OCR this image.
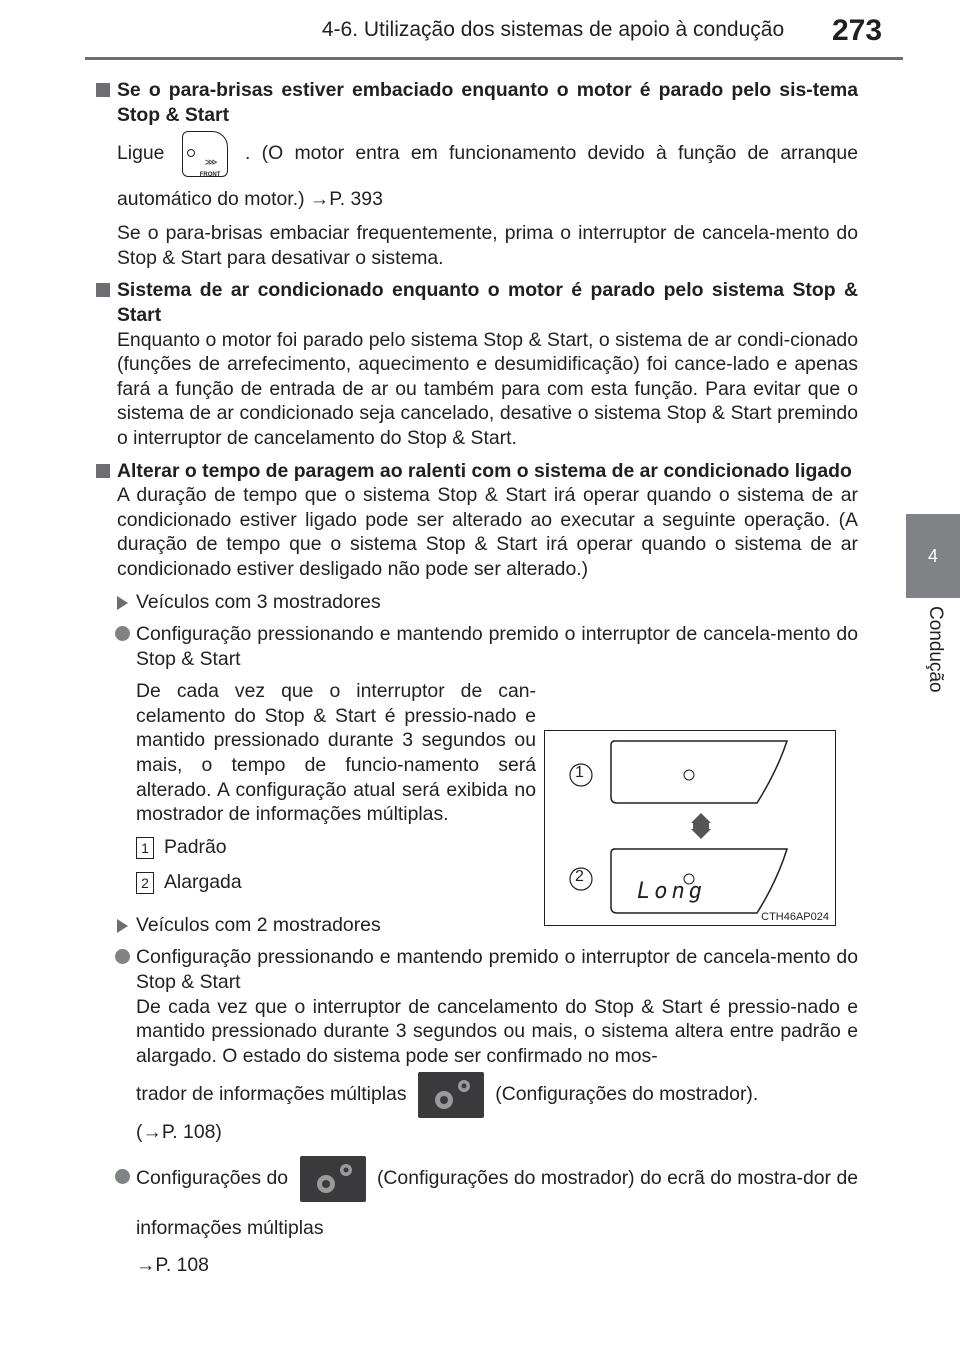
4-6. Utilização dos sistemas de apoio à condução	273
4
Condução
Se o para-brisas estiver embaciado enquanto o motor é parado pelo sis-tema Stop & Start

Ligue	⋙
FRONT
. (O motor entra em funcionamento devido à função de arranque automático do motor.) →P. 393

Se o para-brisas embaciar frequentemente, prima o interruptor de cancela-mento do Stop & Start para desativar o sistema.

Sistema de ar condicionado enquanto o motor é parado pelo sistema Stop & Start

Enquanto o motor foi parado pelo sistema Stop & Start, o sistema de ar condi-cionado (funções de arrefecimento, aquecimento e desumidificação) foi cance-lado e apenas fará a função de entrada de ar ou também para com esta função. Para evitar que o sistema de ar condicionado seja cancelado, desative o sistema Stop & Start premindo o interruptor de cancelamento do Stop & Start.

Alterar o tempo de paragem ao ralenti com o sistema de ar condicionado ligado

A duração de tempo que o sistema Stop & Start irá operar quando o sistema de ar condicionado estiver ligado pode ser alterado ao executar a seguinte operação. (A duração de tempo que o sistema Stop & Start irá operar quando o sistema de ar condicionado estiver desligado não pode ser alterado.)

Veículos com 3 mostradores

Configuração pressionando e mantendo premido o interruptor de cancela-mento do Stop & Start

De cada vez que o interruptor de can-celamento do Stop & Start é pressio-nado e mantido pressionado durante 3 segundos ou mais, o tempo de funcio-namento será alterado. A configuração atual será exibida no mostrador de informações múltiplas.

1 Padrão
2 Alargada
Veículos com 2 mostradores

Configuração pressionando e mantendo premido o interruptor de cancela-mento do Stop & Start

De cada vez que o interruptor de cancelamento do Stop & Start é pressio-nado e mantido pressionado durante 3 segundos ou mais, o sistema altera entre padrão e alargado. O estado do sistema pode ser confirmado no mos-

trador de informações múltiplas	(Configurações do mostrador).

(→P. 108)

Configurações do	(Configurações do mostrador) do ecrã do mostra-dor de informações múltiplas

→P. 108

1
2
Long
CTH46AP024
